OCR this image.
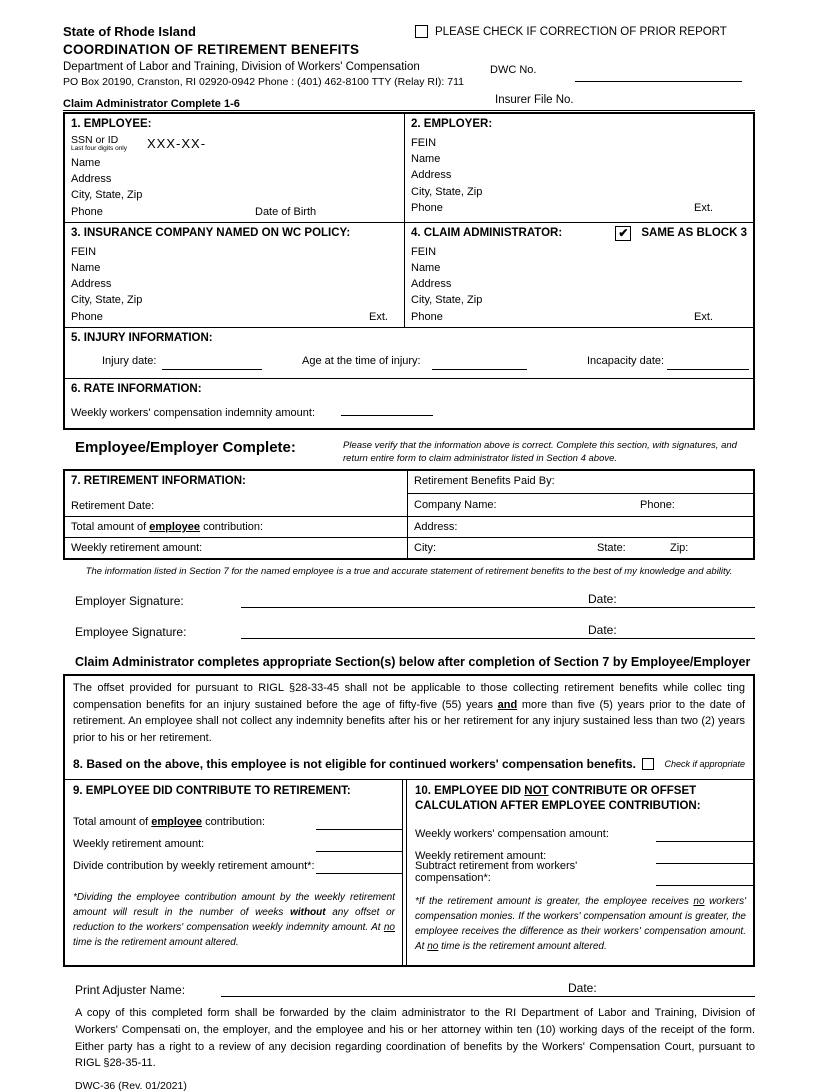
State of Rhode Island	PLEASE CHECK IF CORRECTION OF PRIOR REPORT
COORDINATION OF RETIREMENT BENEFITS
Department of Labor and Training, Division of Workers' Compensation
PO Box 20190, Cranston, RI 02920-0942 Phone : (401) 462-8100 TTY (Relay RI): 711
DWC No.
Claim Administrator Complete 1-6	Insurer File No.
1. EMPLOYEE:
SSN or ID
Last four digits only XXX-XX-
Name
Address
City, State, Zip
Phone	Date of Birth
2. EMPLOYER:
FEIN
Name
Address
City, State, Zip
Phone	Ext.
3. INSURANCE COMPANY NAMED ON WC POLICY:
FEIN
Name
Address
City, State, Zip
Phone	Ext.
4. CLAIM ADMINISTRATOR:	✔ SAME AS BLOCK 3
FEIN
Name
Address
City, State, Zip
Phone	Ext.
5. INJURY INFORMATION:
Injury date:	Age at the time of injury:	Incapacity date:
6. RATE INFORMATION:
Weekly workers' compensation indemnity amount:
Employee/Employer Complete:	Please verify that the information above is correct. Complete this section, with signatures, and return entire form to claim administrator listed in Section 4 above.
7. RETIREMENT INFORMATION:
Retirement Date:
Retirement Benefits Paid By:
Company Name:	Phone:
Total amount of employee contribution:	Address:
Weekly retirement amount:	City:	State:	Zip:
The information listed in Section 7 for the named employee is a true and accurate statement of retirement benefits to the best of my knowledge and ability.
Employer Signature:	Date:
Employee Signature:	Date:
Claim Administrator completes appropriate Section(s) below after completion of Section 7 by Employee/Employer
The offset provided for pursuant to RIGL §28-33-45 shall not be applicable to those collecting retirement benefits while collec ting compensation benefits for an injury sustained before the age of fifty-five (55) years and more than five (5) years prior to the date of retirement. An employee shall not collect any indemnity benefits after his or her retirement for any injury sustained less than two (2) years prior to his or her retirement.
8. Based on the above, this employee is not eligible for continued workers' compensation benefits.	Check if appropriate
9. EMPLOYEE DID CONTRIBUTE TO RETIREMENT:
Total amount of employee contribution:
Weekly retirement amount:
Divide contribution by weekly retirement amount*:
*Dividing the employee contribution amount by the weekly retirement amount will result in the number of weeks without any offset or reduction to the workers' compensation weekly indemnity amount. At no time is the retirement amount altered.
10. EMPLOYEE DID NOT CONTRIBUTE OR OFFSET CALCULATION AFTER EMPLOYEE CONTRIBUTION:
Weekly workers' compensation amount:
Weekly retirement amount:
Subtract retirement from workers' compensation*:
*If the retirement amount is greater, the employee receives no workers' compensation monies. If the workers' compensation amount is greater, the employee receives the difference as their workers' compensation amount. At no time is the retirement amount altered.
Print Adjuster Name:	Date:
A copy of this completed form shall be forwarded by the claim administrator to the RI Department of Labor and Training, Division of Workers' Compensati on, the employer, and the employee and his or her attorney within ten (10) working days of the receipt of the form. Either party has a right to a review of any decision regarding coordination of benefits by the Workers' Compensation Court, pursuant to RIGL §28-35-11.
DWC-36 (Rev. 01/2021)
